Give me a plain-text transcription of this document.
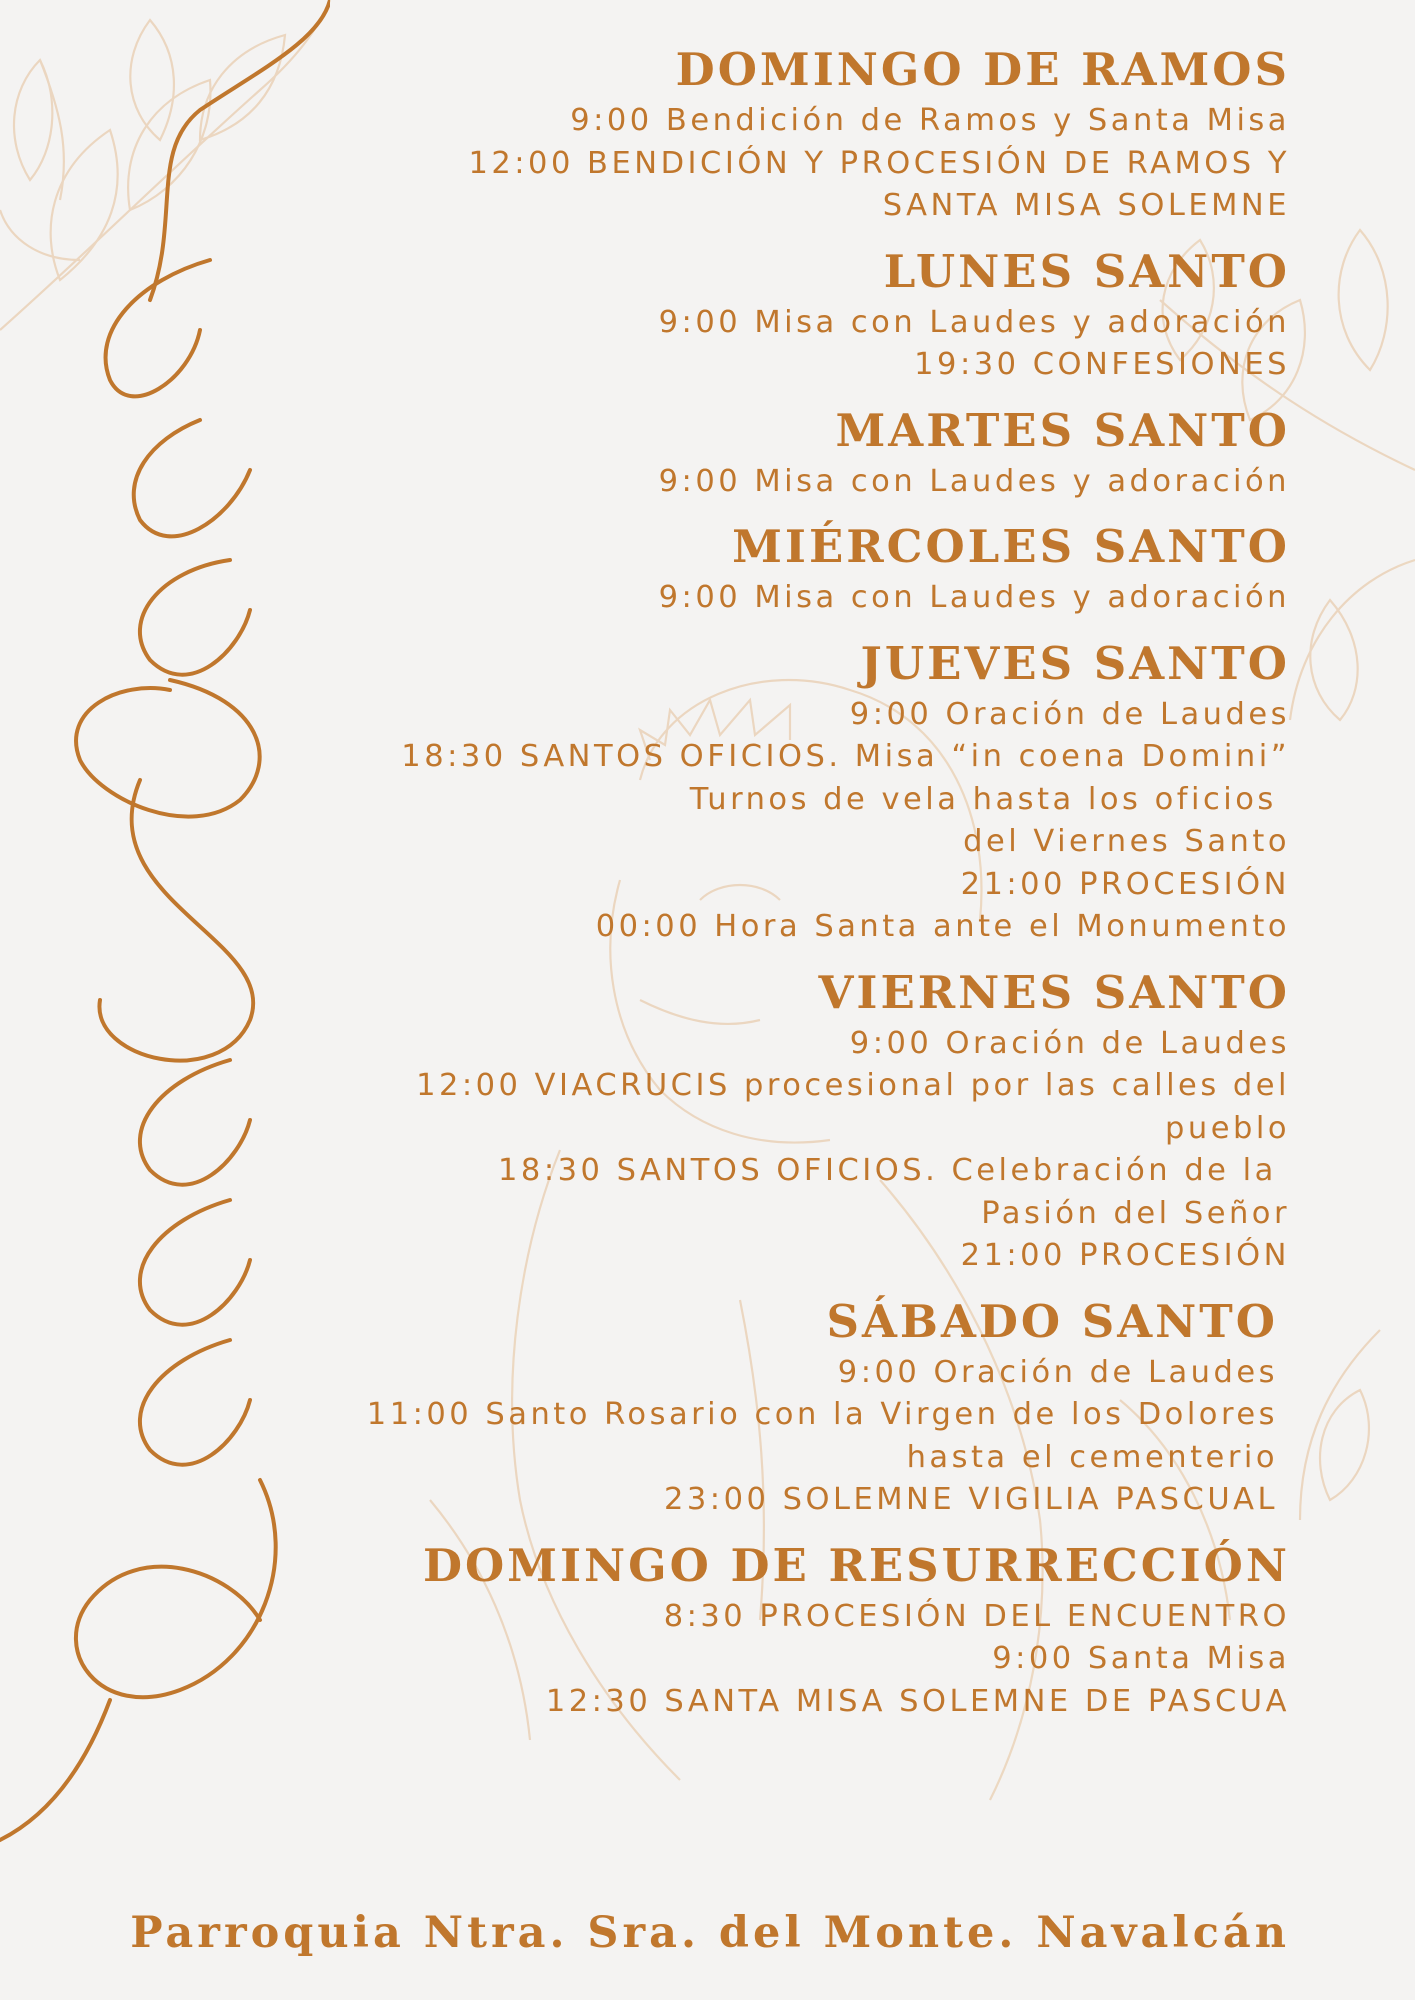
DOMINGO DE RAMOS
9:00 Bendición de Ramos y Santa Misa
12:00 BENDICIÓN Y PROCESIÓN DE RAMOS Y
SANTA MISA SOLEMNE
LUNES SANTO
9:00 Misa con Laudes y adoración
19:30 CONFESIONES
MARTES SANTO
9:00 Misa con Laudes y adoración
MIÉRCOLES SANTO
9:00 Misa con Laudes y adoración
JUEVES SANTO
9:00 Oración de Laudes
18:30 SANTOS OFICIOS. Misa “in coena Domini”
Turnos de vela hasta los oficios
del Viernes Santo
21:00 PROCESIÓN
00:00 Hora Santa ante el Monumento
VIERNES SANTO
9:00 Oración de Laudes
12:00 VIACRUCIS procesional por las calles del
pueblo
18:30 SANTOS OFICIOS. Celebración de la
Pasión del Señor
21:00 PROCESIÓN
SÁBADO SANTO
9:00 Oración de Laudes
11:00 Santo Rosario con la Virgen de los Dolores
hasta el cementerio
23:00 SOLEMNE VIGILIA PASCUAL
DOMINGO DE RESURRECCIÓN
8:30 PROCESIÓN DEL ENCUENTRO
9:00 Santa Misa
12:30 SANTA MISA SOLEMNE DE PASCUA
Parroquia Ntra. Sra. del Monte. Navalcán
